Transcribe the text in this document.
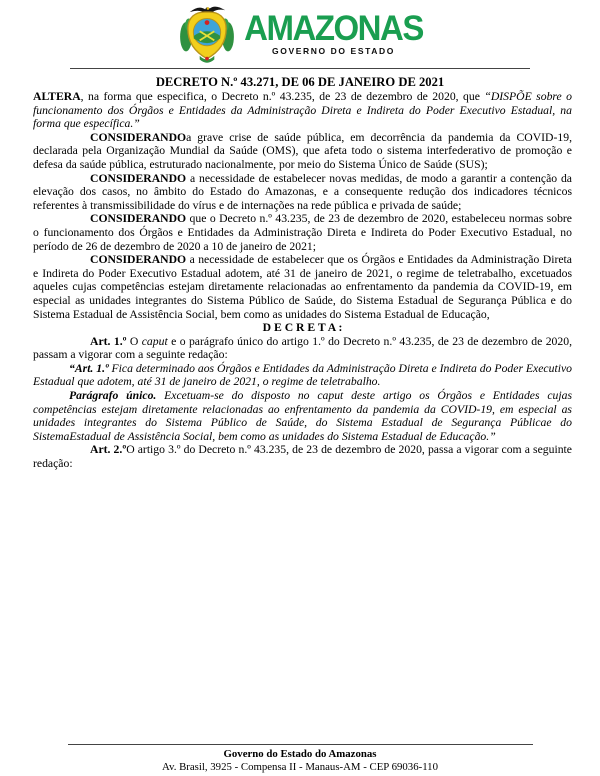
AMAZONAS
GOVERNO DO ESTADO
DECRETO N.º 43.271, DE 06 DE JANEIRO DE 2021

ALTERA, na forma que especifica, o Decreto n.º 43.235, de 23 de dezembro de 2020, que “DISPÕE sobre o funcionamento dos Órgãos e Entidades da Administração Direta e Indireta do Poder Executivo Estadual, na forma que específica.”

CONSIDERANDOa grave crise de saúde pública, em decorrência da pandemia da COVID-19, declarada pela Organização Mundial da Saúde (OMS), que afeta todo o sistema interfederativo de promoção e defesa da saúde pública, estruturado nacionalmente, por meio do Sistema Único de Saúde (SUS);

CONSIDERANDO a necessidade de estabelecer novas medidas, de modo a garantir a contenção da elevação dos casos, no âmbito do Estado do Amazonas, e a consequente redução dos indicadores técnicos referentes à transmissibilidade do vírus e de internações na rede pública e privada de saúde;

CONSIDERANDO que o Decreto n.º 43.235, de 23 de dezembro de 2020, estabeleceu normas sobre o funcionamento dos Órgãos e Entidades da Administração Direta e Indireta do Poder Executivo Estadual, no período de 26 de dezembro de 2020 a 10 de janeiro de 2021;

CONSIDERANDO a necessidade de estabelecer que os Órgãos e Entidades da Administração Direta e Indireta do Poder Executivo Estadual adotem, até 31 de janeiro de 2021, o regime de teletrabalho, excetuados aqueles cujas competências estejam diretamente relacionadas ao enfrentamento da pandemia da COVID-19, em especial as unidades integrantes do Sistema Público de Saúde, do Sistema Estadual de Segurança Pública e do Sistema Estadual de Assistência Social, bem como as unidades do Sistema Estadual de Educação,

D E C R E T A :

Art. 1.º O caput e o parágrafo único do artigo 1.º do Decreto n.º 43.235, de 23 de dezembro de 2020, passam a vigorar com a seguinte redação:

“Art. 1.º Fica determinado aos Órgãos e Entidades da Administração Direta e Indireta do Poder Executivo Estadual que adotem, até 31 de janeiro de 2021, o regime de teletrabalho.

Parágrafo único. Excetuam-se do disposto no caput deste artigo os Órgãos e Entidades cujas competências estejam diretamente relacionadas ao enfrentamento da pandemia da COVID-19, em especial as unidades integrantes do Sistema Público de Saúde, do Sistema Estadual de Segurança Públicae do SistemaEstadual de Assistência Social, bem como as unidades do Sistema Estadual de Educação.”

Art. 2.ºO artigo 3.º do Decreto n.º 43.235, de 23 de dezembro de 2020, passa a vigorar com a seguinte redação:

Governo do Estado do Amazonas
Av. Brasil, 3925 - Compensa II - Manaus-AM - CEP 69036-110
